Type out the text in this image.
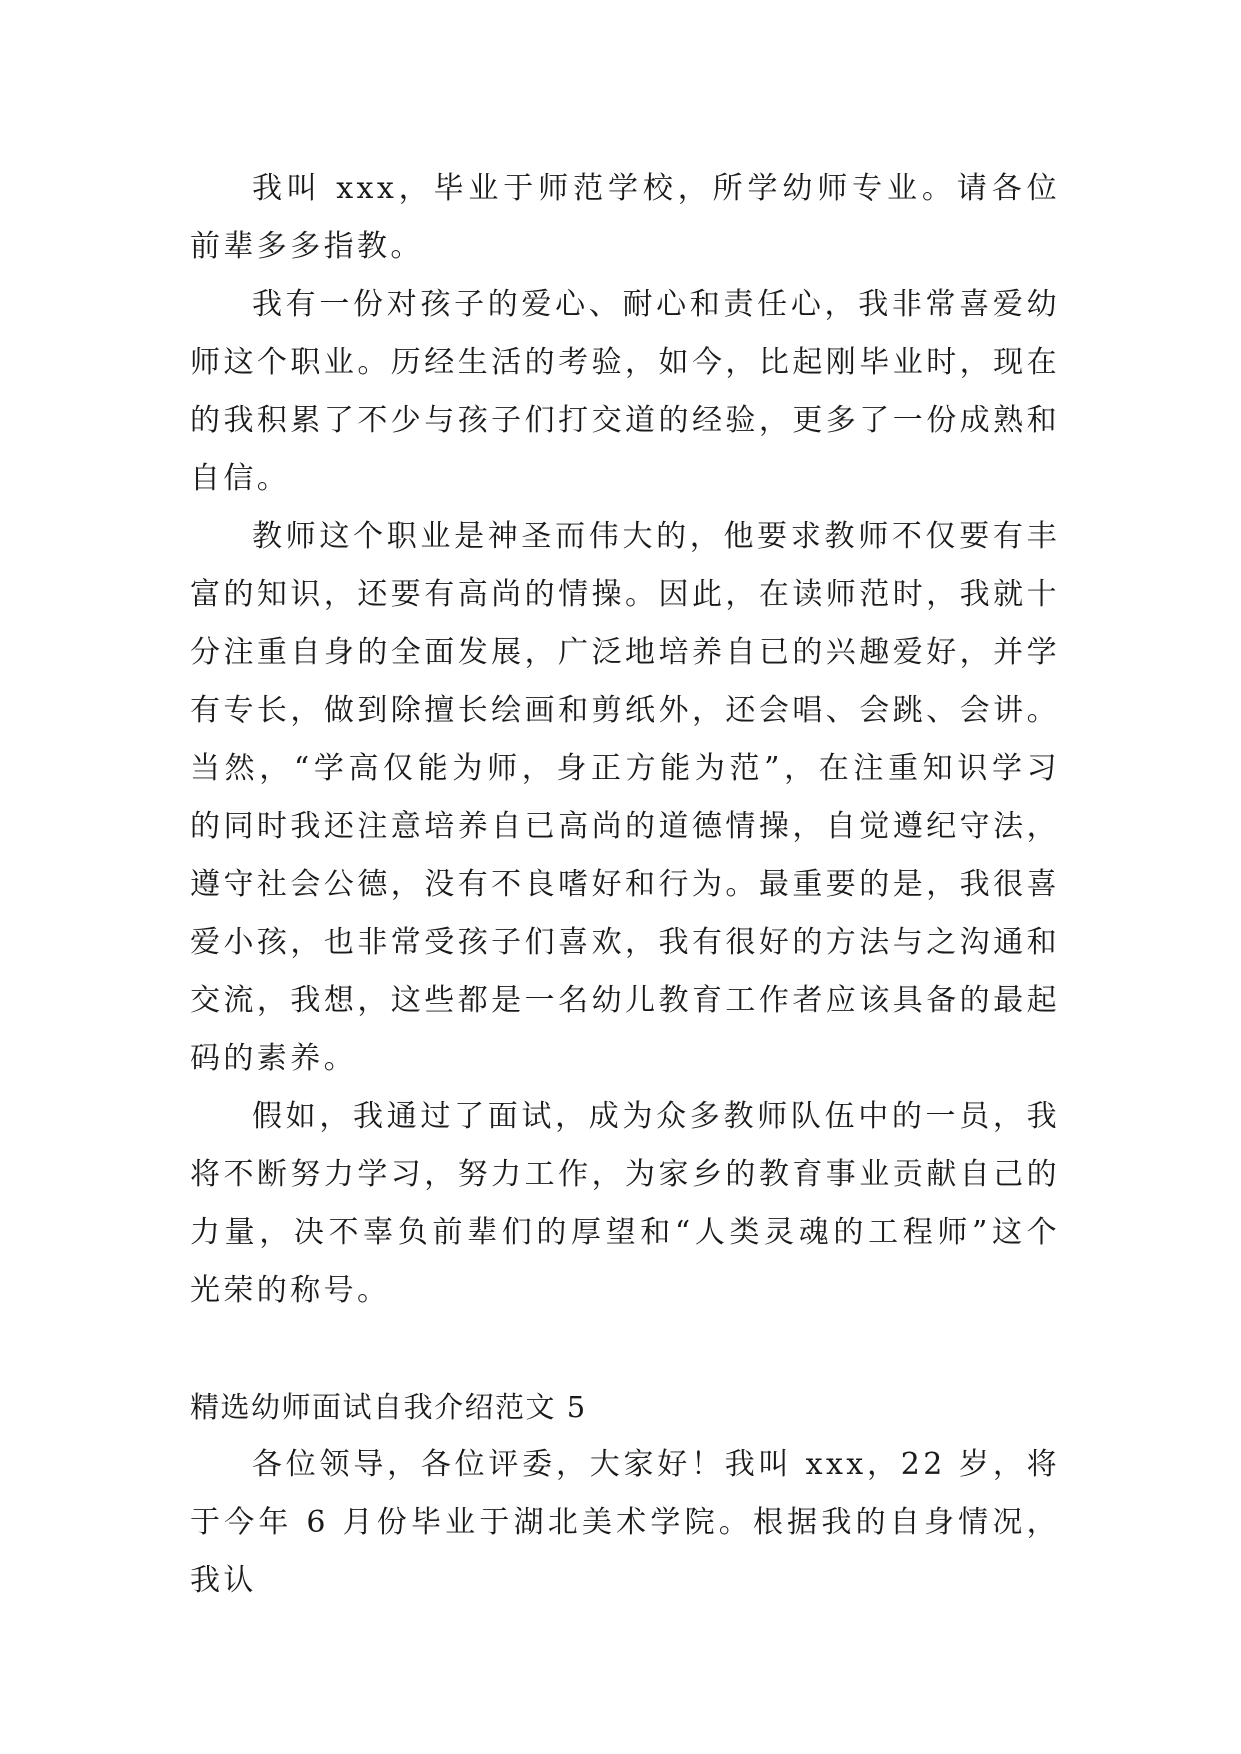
我叫 xxx，毕业于师范学校，所学幼师专业。请各位前辈多多指教。

我有一份对孩子的爱心、耐心和责任心，我非常喜爱幼师这个职业。历经生活的考验，如今，比起刚毕业时，现在的我积累了不少与孩子们打交道的经验，更多了一份成熟和自信。

教师这个职业是神圣而伟大的，他要求教师不仅要有丰富的知识，还要有高尚的情操。因此，在读师范时，我就十分注重自身的全面发展，广泛地培养自已的兴趣爱好，并学有专长，做到除擅长绘画和剪纸外，还会唱、会跳、会讲。当然，“学高仅能为师，身正方能为范”，在注重知识学习的同时我还注意培养自已高尚的道德情操，自觉遵纪守法，遵守社会公德，没有不良嗜好和行为。最重要的是，我很喜爱小孩，也非常受孩子们喜欢，我有很好的方法与之沟通和交流，我想，这些都是一名幼儿教育工作者应该具备的最起码的素养。

假如，我通过了面试，成为众多教师队伍中的一员，我将不断努力学习，努力工作，为家乡的教育事业贡献自己的力量，决不辜负前辈们的厚望和“人类灵魂的工程师”这个光荣的称号。

精选幼师面试自我介绍范文 5

各位领导，各位评委，大家好！我叫 xxx，22 岁，将于今年 6 月份毕业于湖北美术学院。根据我的自身情况，我认
